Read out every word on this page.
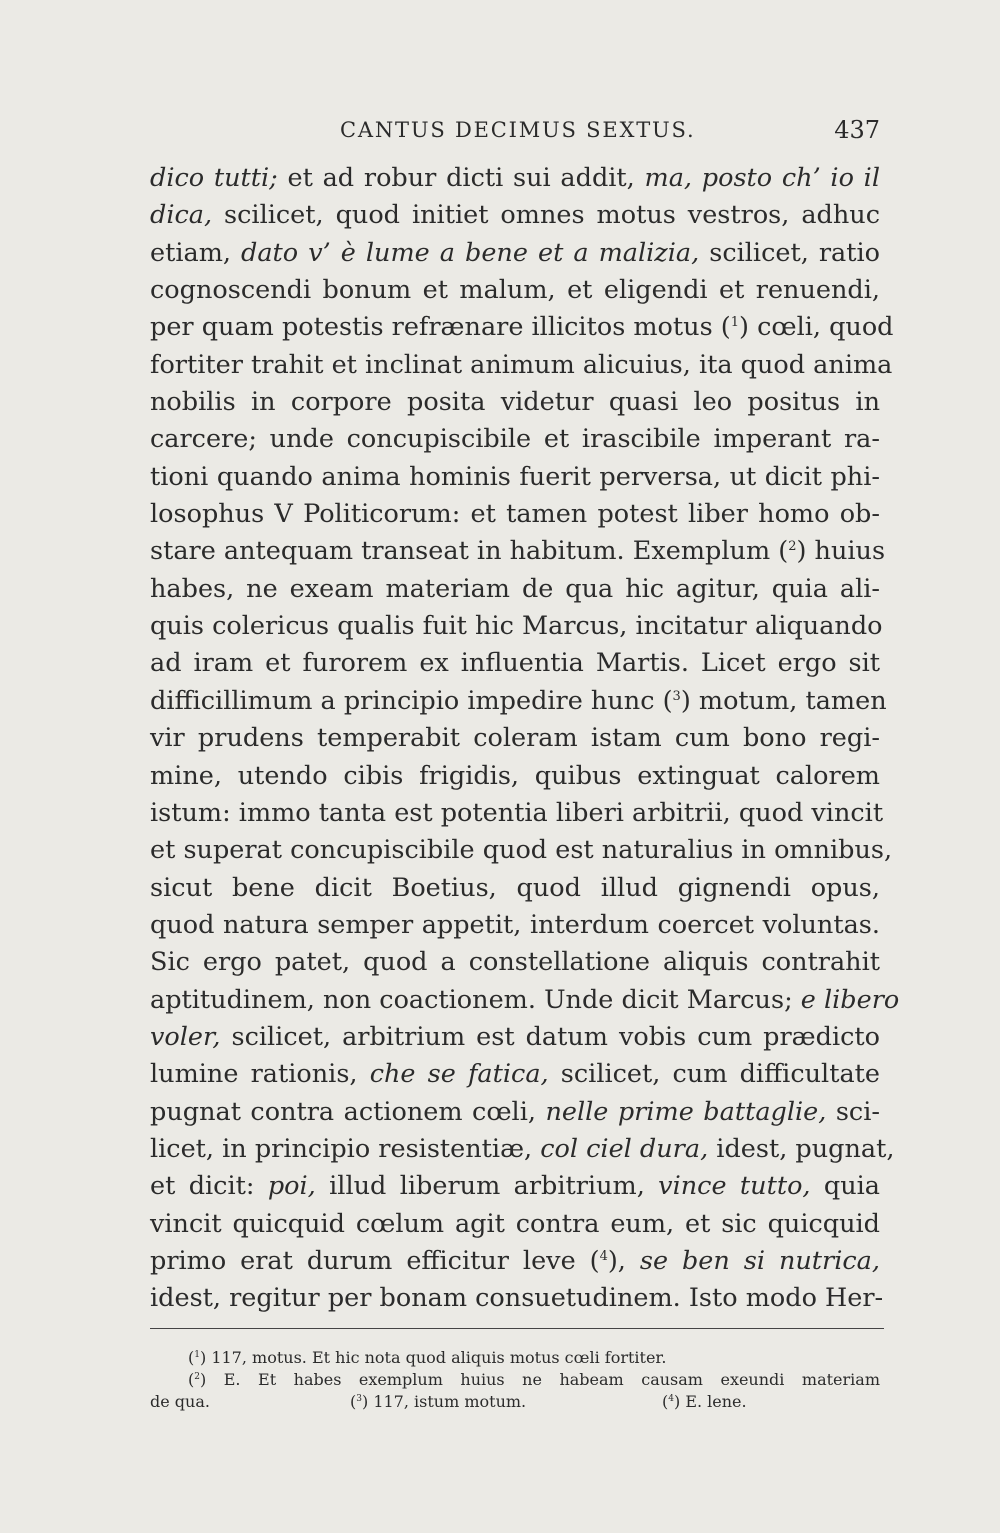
CANTUS DECIMUS SEXTUS.	437
dico tutti; et ad robur dicti sui addit, ma, posto ch’ io il
dica, scilicet, quod initiet omnes motus vestros, adhuc
etiam, dato v’ è lume a bene et a malizia, scilicet, ratio
cognoscendi bonum et malum, et eligendi et renuendi,
per quam potestis refrænare illicitos motus ($^1$) cœli, quod
fortiter trahit et inclinat animum alicuius, ita quod anima
nobilis in corpore posita videtur quasi leo positus in
carcere; unde concupiscibile et irascibile imperant ra-
tioni quando anima hominis fuerit perversa, ut dicit phi-
losophus V Politicorum: et tamen potest liber homo ob-
stare antequam transeat in habitum. Exemplum ($^2$) huius
habes, ne exeam materiam de qua hic agitur, quia ali-
quis colericus qualis fuit hic Marcus, incitatur aliquando
ad iram et furorem ex influentia Martis. Licet ergo sit
difficillimum a principio impedire hunc ($^3$) motum, tamen
vir prudens temperabit coleram istam cum bono regi-
mine, utendo cibis frigidis, quibus extinguat calorem
istum: immo tanta est potentia liberi arbitrii, quod vincit
et superat concupiscibile quod est naturalius in omnibus,
sicut bene dicit Boetius, quod illud gignendi opus,
quod natura semper appetit, interdum coercet voluntas.
Sic ergo patet, quod a constellatione aliquis contrahit
aptitudinem, non coactionem. Unde dicit Marcus; e libero
voler, scilicet, arbitrium est datum vobis cum prædicto
lumine rationis, che se fatica, scilicet, cum difficultate
pugnat contra actionem cœli, nelle prime battaglie, sci-
licet, in principio resistentiæ, col ciel dura, idest, pugnat,
et dicit: poi, illud liberum arbitrium, vince tutto, quia
vincit quicquid cœlum agit contra eum, et sic quicquid
primo erat durum efficitur leve ($^4$), se ben si nutrica,
idest, regitur per bonam consuetudinem. Isto modo Her-
($^1$) 117, motus. Et hic nota quod aliquis motus cœli fortiter.
($^2$) E. Et habes exemplum huius ne habeam causam exeundi materiam
de qua.	($^3$) 117, istum motum.	($^4$) E. lene.
